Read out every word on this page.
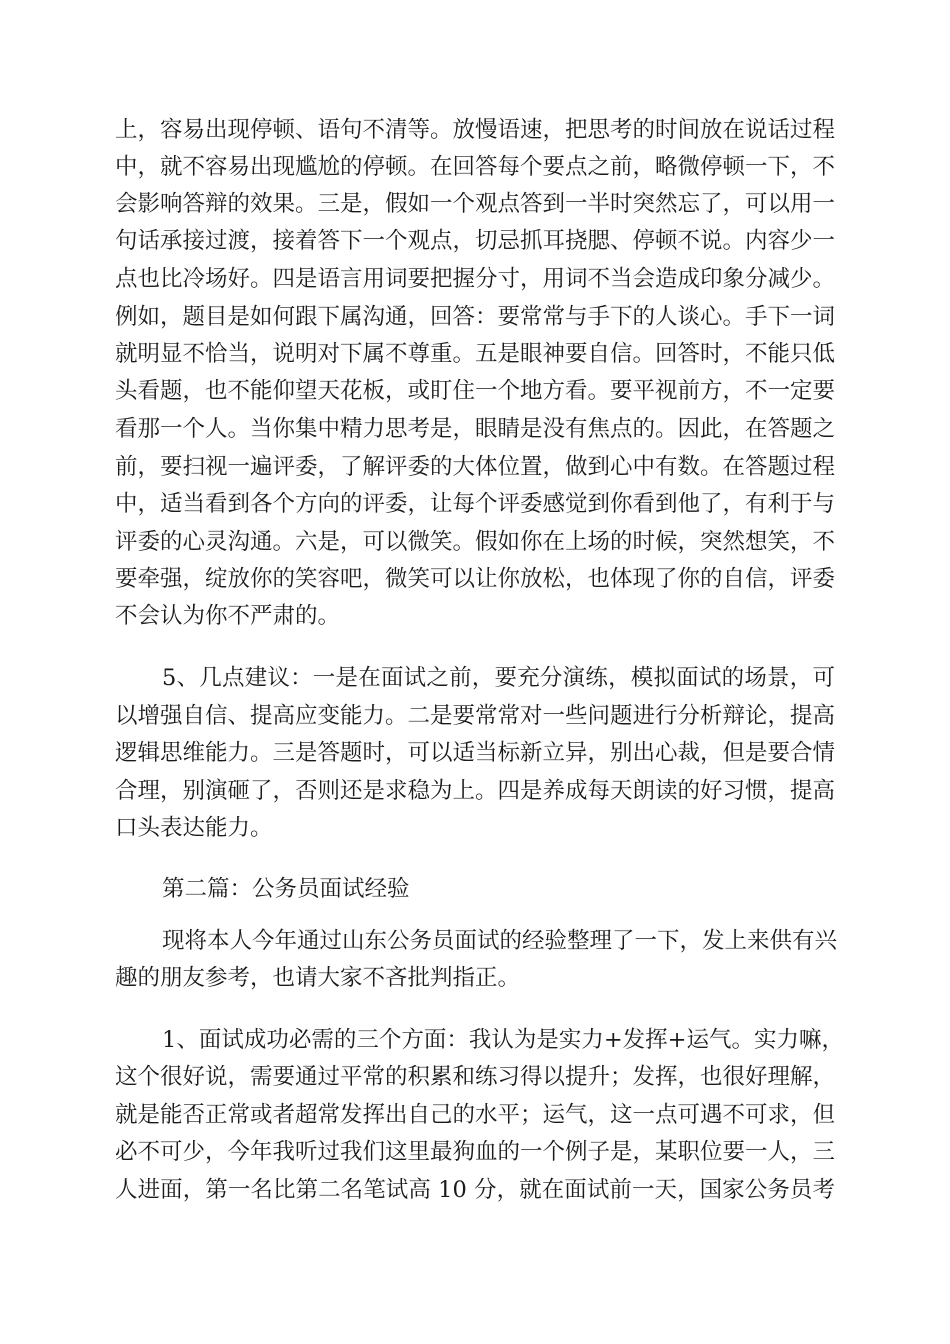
上，容易出现停顿、语句不清等。放慢语速，把思考的时间放在说话过程

中，就不容易出现尴尬的停顿。在回答每个要点之前，略微停顿一下，不

会影响答辩的效果。三是，假如一个观点答到一半时突然忘了，可以用一

句话承接过渡，接着答下一个观点，切忌抓耳挠腮、停顿不说。内容少一

点也比冷场好。四是语言用词要把握分寸，用词不当会造成印象分减少。

例如，题目是如何跟下属沟通，回答：要常常与手下的人谈心。手下一词

就明显不恰当，说明对下属不尊重。五是眼神要自信。回答时，不能只低

头看题，也不能仰望天花板，或盯住一个地方看。要平视前方，不一定要

看那一个人。当你集中精力思考是，眼睛是没有焦点的。因此，在答题之

前，要扫视一遍评委，了解评委的大体位置，做到心中有数。在答题过程

中，适当看到各个方向的评委，让每个评委感觉到你看到他了，有利于与

评委的心灵沟通。六是，可以微笑。假如你在上场的时候，突然想笑，不

要牵强，绽放你的笑容吧，微笑可以让你放松，也体现了你的自信，评委

不会认为你不严肃的。

5、几点建议：一是在面试之前，要充分演练，模拟面试的场景，可

以增强自信、提高应变能力。二是要常常对一些问题进行分析辩论，提高

逻辑思维能力。三是答题时，可以适当标新立异，别出心裁，但是要合情

合理，别演砸了，否则还是求稳为上。四是养成每天朗读的好习惯，提高

口头表达能力。

第二篇：公务员面试经验

现将本人今年通过山东公务员面试的经验整理了一下，发上来供有兴

趣的朋友参考，也请大家不吝批判指正。

1、面试成功必需的三个方面：我认为是实力+发挥+运气。实力嘛，

这个很好说，需要通过平常的积累和练习得以提升；发挥，也很好理解，

就是能否正常或者超常发挥出自己的水平；运气，这一点可遇不可求，但

必不可少，今年我听过我们这里最狗血的一个例子是，某职位要一人，三

人进面，第一名比第二名笔试高 10 分，就在面试前一天，国家公务员考
